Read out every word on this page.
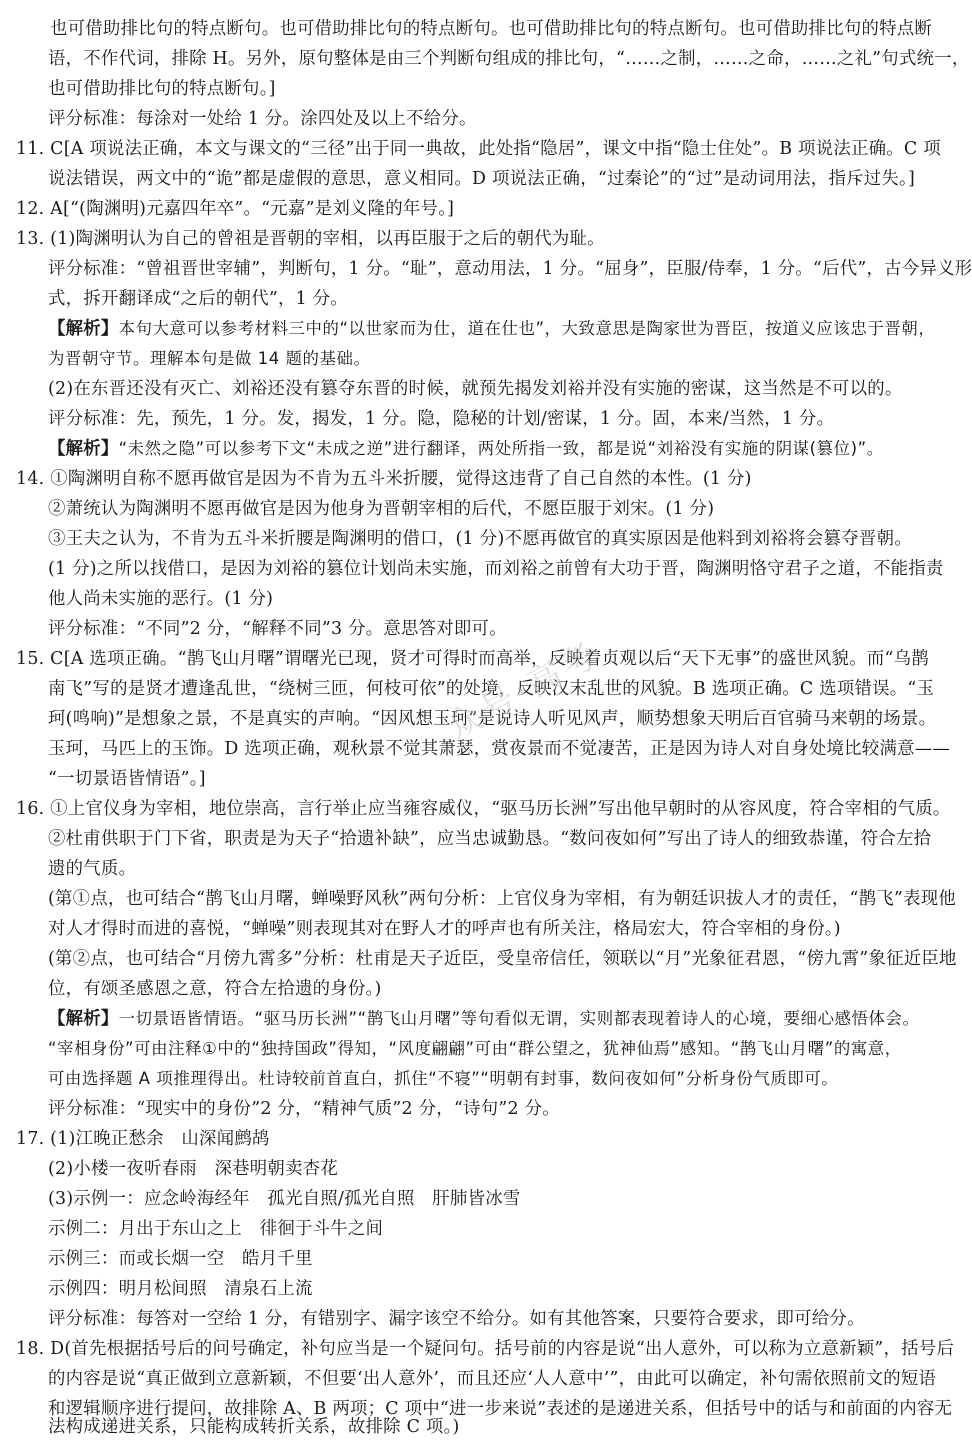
也可借助排比句的特点断句。也可借助排比句的特点断句。也可借助排比句的特点断句。也可借助排比句的特点断
语，不作代词，排除 H。另外，原句整体是由三个判断句组成的排比句，“……之制，……之命，……之礼”句式统一，
也可借助排比句的特点断句。]
评分标准：每涂对一处给 1 分。涂四处及以上不给分。
11. C[A 项说法正确，本文与课文的“三径”出于同一典故，此处指“隐居”，课文中指“隐士住处”。B 项说法正确。C 项
说法错误，两文中的“诡”都是虚假的意思，意义相同。D 项说法正确，“过秦论”的“过”是动词用法，指斥过失。]
12. A[“(陶渊明)元嘉四年卒”。“元嘉”是刘义隆的年号。]
13. (1)陶渊明认为自己的曾祖是晋朝的宰相，以再臣服于之后的朝代为耻。
评分标准：“曾祖晋世宰辅”，判断句，1 分。“耻”，意动用法，1 分。“屈身”，臣服/侍奉，1 分。“后代”，古今异义形
式，拆开翻译成“之后的朝代”，1 分。
【解析】本句大意可以参考材料三中的“以世家而为仕，道在仕也”，大致意思是陶家世为晋臣，按道义应该忠于晋朝，
为晋朝守节。理解本句是做 14 题的基础。
(2)在东晋还没有灭亡、刘裕还没有篡夺东晋的时候，就预先揭发刘裕并没有实施的密谋，这当然是不可以的。
评分标准：先，预先，1 分。发，揭发，1 分。隐，隐秘的计划/密谋，1 分。固，本来/当然，1 分。
【解析】“未然之隐”可以参考下文“未成之逆”进行翻译，两处所指一致，都是说“刘裕没有实施的阴谋(篡位)”。
14. ①陶渊明自称不愿再做官是因为不肯为五斗米折腰，觉得这违背了自己自然的本性。(1 分)
②萧统认为陶渊明不愿再做官是因为他身为晋朝宰相的后代，不愿臣服于刘宋。(1 分)
③王夫之认为，不肯为五斗米折腰是陶渊明的借口，(1 分)不愿再做官的真实原因是他料到刘裕将会篡夺晋朝。
(1 分)之所以找借口，是因为刘裕的篡位计划尚未实施，而刘裕之前曾有大功于晋，陶渊明恪守君子之道，不能指责
他人尚未实施的恶行。(1 分)
评分标准：“不同”2 分，“解释不同”3 分。意思答对即可。
15. C[A 选项正确。“鹊飞山月曙”谓曙光已现，贤才可得时而高举，反映着贞观以后“天下无事”的盛世风貌。而“乌鹊
南飞”写的是贤才遭逢乱世，“绕树三匝，何枝可依”的处境，反映汉末乱世的风貌。B 选项正确。C 选项错误。“玉
珂(鸣响)”是想象之景，不是真实的声响。“因风想玉珂”是说诗人听见风声，顺势想象天明后百官骑马来朝的场景。
玉珂，马匹上的玉饰。D 选项正确，观秋景不觉其萧瑟，赏夜景而不觉凄苦，正是因为诗人对自身处境比较满意——
“一切景语皆情语”。]
16. ①上官仪身为宰相，地位崇高，言行举止应当雍容威仪，“驱马历长洲”写出他早朝时的从容风度，符合宰相的气质。
②杜甫供职于门下省，职责是为天子“拾遗补缺”，应当忠诚勤恳。“数问夜如何”写出了诗人的细致恭谨，符合左拾
遗的气质。
(第①点，也可结合“鹊飞山月曙，蝉噪野风秋”两句分析：上官仪身为宰相，有为朝廷识拔人才的责任，“鹊飞”表现他
对人才得时而进的喜悦，“蝉噪”则表现其对在野人才的呼声也有所关注，格局宏大，符合宰相的身份。)
(第②点，也可结合“月傍九霄多”分析：杜甫是天子近臣，受皇帝信任，领联以“月”光象征君恩，“傍九霄”象征近臣地
位，有颂圣感恩之意，符合左拾遗的身份。)
【解析】一切景语皆情语。“驱马历长洲”“鹊飞山月曙”等句看似无谓，实则都表现着诗人的心境，要细心感悟体会。
“宰相身份”可由注释①中的“独持国政”得知，“风度翩翩”可由“群公望之，犹神仙焉”感知。“鹊飞山月曙”的寓意，
可由选择题 A 项推理得出。杜诗较前首直白，抓住“不寝”“明朝有封事，数问夜如何”分析身份气质即可。
评分标准：“现实中的身份”2 分，“精神气质”2 分，“诗句”2 分。
17. (1)江晚正愁余　山深闻鹧鸪
(2)小楼一夜听春雨　深巷明朝卖杏花
(3)示例一：应念岭海经年　孤光自照/孤光自照　肝肺皆冰雪
示例二：月出于东山之上　徘徊于斗牛之间
示例三：而或长烟一空　皓月千里
示例四：明月松间照　清泉石上流
评分标准：每答对一空给 1 分，有错别字、漏字该空不给分。如有其他答案，只要符合要求，即可给分。
18. D(首先根据括号后的问号确定，补句应当是一个疑问句。括号前的内容是说“出人意外，可以称为立意新颖”，括号后
的内容是说“真正做到立意新颖，不但要‘出人意外’，而且还应‘人人意中’”，由此可以确定，补句需依照前文的短语
和逻辑顺序进行提问，故排除 A、B 两项；C 项中“进一步来说”表述的是递进关系，但括号中的话与和前面的内容无
法构成递进关系，只能构成转折关系，故排除 C 项。)
众号·高考
